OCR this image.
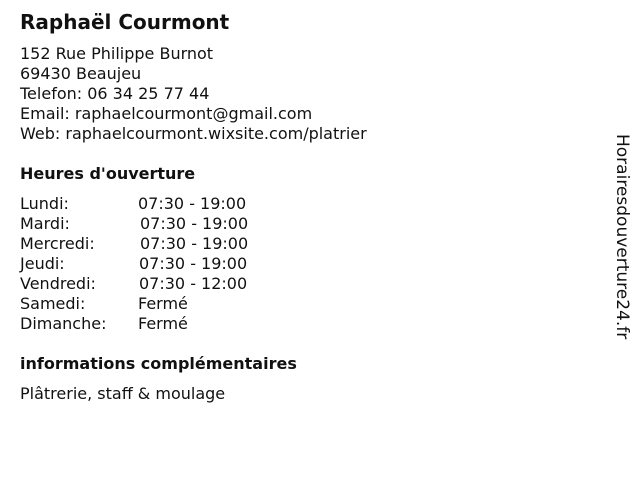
Raphaël Courmont
152 Rue Philippe Burnot
69430 Beaujeu
Telefon: 06 34 25 77 44
Email: raphaelcourmont@gmail.com
Web: raphaelcourmont.wixsite.com/platrier
Heures d'ouverture
Lundi:	07:30 - 19:00
Mardi:	07:30 - 19:00
Mercredi:	07:30 - 19:00
Jeudi:	07:30 - 19:00
Vendredi:	07:30 - 12:00
Samedi:	Fermé
Dimanche: Fermé
informations complémentaires
Plâtrerie, staff & moulage
Horairesdouverture24.fr
